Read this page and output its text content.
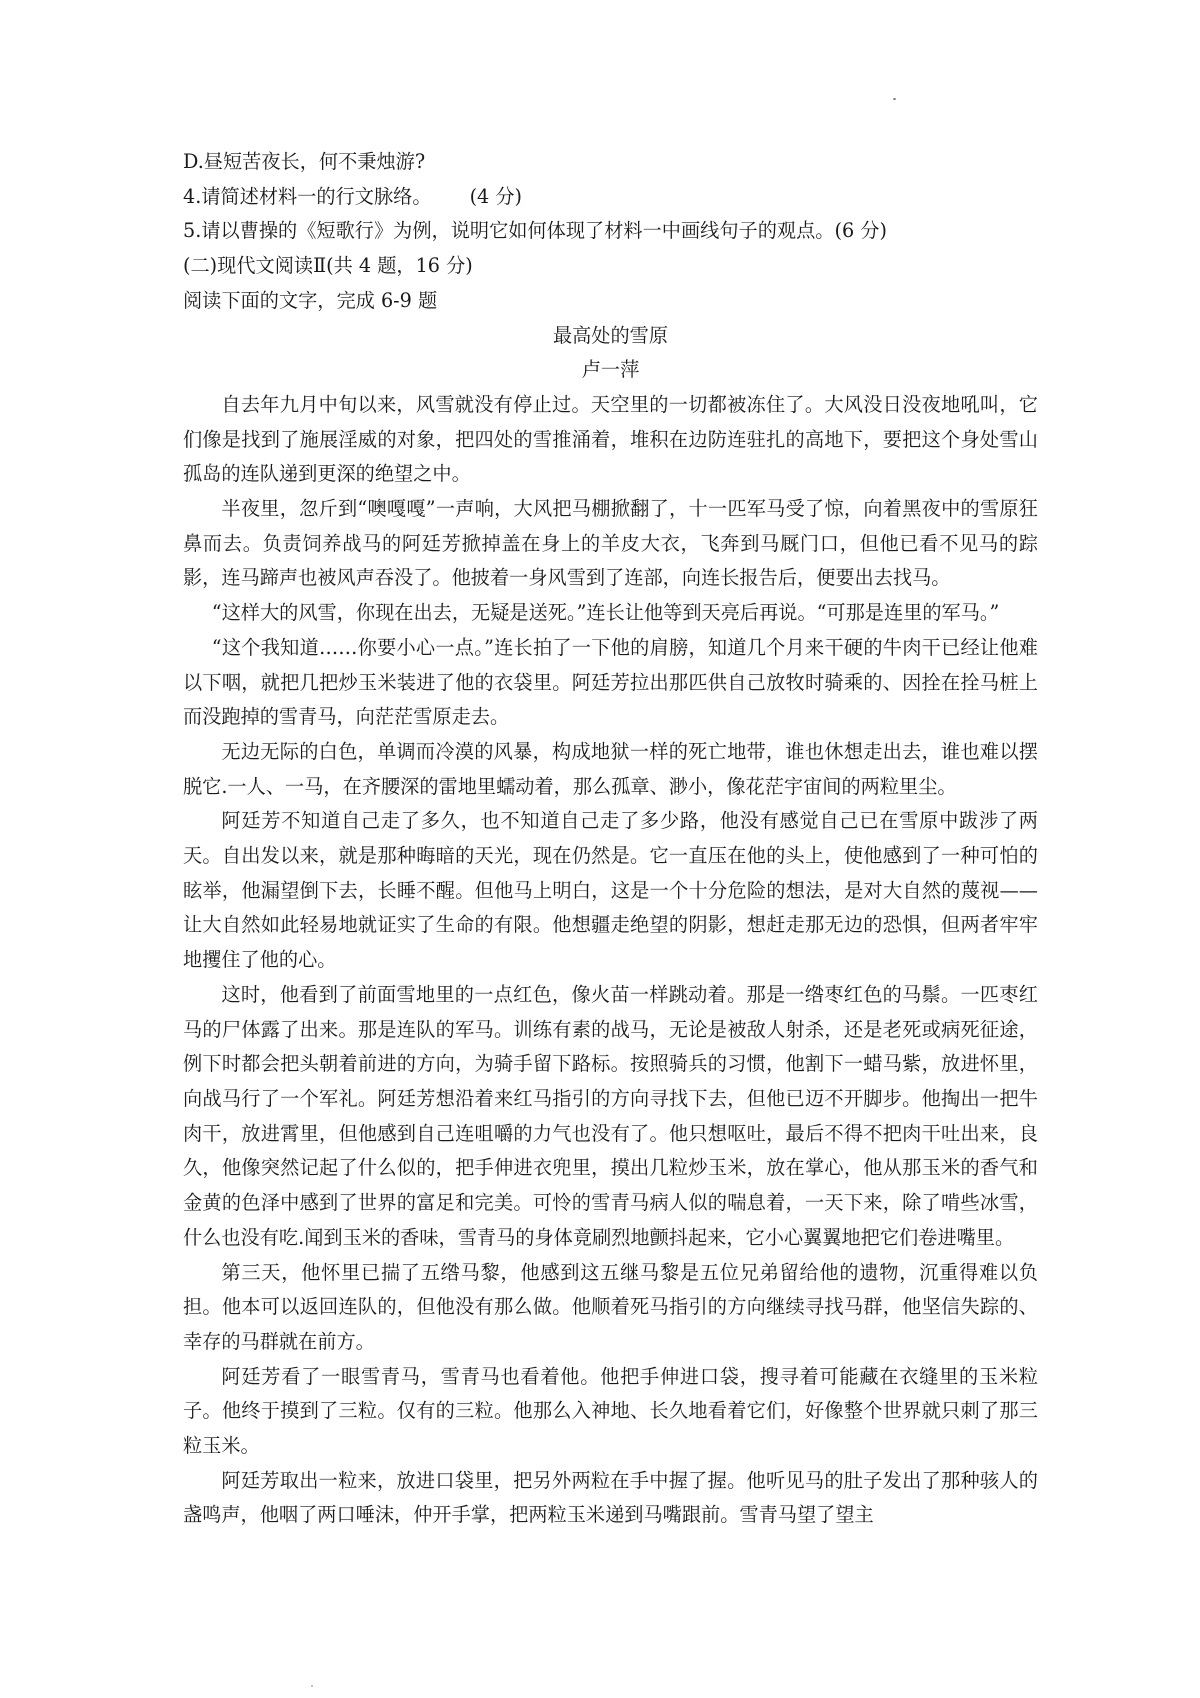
D.昼短苦夜长，何不秉烛游?

4.请简述材料一的行文脉络。 (4 分)

5.请以曹操的《短歌行》为例，说明它如何体现了材料一中画线句子的观点。(6 分)

(二)现代文阅读Ⅱ(共 4 题，16 分)

阅读下面的文字，完成 6-9 题

最高处的雪原

卢一萍

自去年九月中旬以来，风雪就没有停止过。天空里的一切都被冻住了。大风没日没夜地吼叫，它们像是找到了施展淫威的对象，把四处的雪推涌着，堆积在边防连驻扎的高地下，要把这个身处雪山孤岛的连队递到更深的绝望之中。

半夜里，忽斤到“噢嘎嘎”一声响，大风把马棚掀翻了，十一匹军马受了惊，向着黑夜中的雪原狂鼻而去。负责饲养战马的阿廷芳掀掉盖在身上的羊皮大衣，飞奔到马厩门口，但他已看不见马的踪影，连马蹄声也被风声吞没了。他披着一身风雪到了连部，向连长报告后，便要出去找马。

“这样大的风雪，你现在出去，无疑是送死。”连长让他等到天亮后再说。“可那是连里的军马。”

“这个我知道……你要小心一点。”连长拍了一下他的肩膀，知道几个月来干硬的牛肉干已经让他难以下咽，就把几把炒玉米装进了他的衣袋里。阿廷芳拉出那匹供自己放牧时骑乘的、因拴在拴马桩上而没跑掉的雪青马，向茫茫雪原走去。

无边无际的白色，单调而冷漠的风暴，构成地狱一样的死亡地带，谁也休想走出去，谁也难以摆脱它.一人、一马，在齐腰深的雷地里蠕动着，那么孤章、渺小，像花茫宇宙间的两粒里尘。

阿廷芳不知道自己走了多久，也不知道自己走了多少路，他没有感觉自己已在雪原中跋涉了两天。自出发以来，就是那种晦暗的天光，现在仍然是。它一直压在他的头上，使他感到了一种可怕的眩举，他漏望倒下去，长睡不醒。但他马上明白，这是一个十分危险的想法，是对大自然的蔑视——让大自然如此轻易地就证实了生命的有限。他想疆走绝望的阴影，想赶走那无边的恐惧，但两者牢牢地攫住了他的心。

这时，他看到了前面雪地里的一点红色，像火苗一样跳动着。那是一绺枣红色的马鬃。一匹枣红马的尸体露了出来。那是连队的军马。训练有素的战马，无论是被敌人射杀，还是老死或病死征途，例下时都会把头朝着前进的方向，为骑手留下路标。按照骑兵的习惯，他割下一蜡马紫，放进怀里，向战马行了一个军礼。阿廷芳想沿着来红马指引的方向寻找下去，但他已迈不开脚步。他掏出一把牛肉干，放进霄里，但他感到自己连咀嚼的力气也没有了。他只想呕吐，最后不得不把肉干吐出来，良久，他像突然记起了什么似的，把手伸进衣兜里，摸出几粒炒玉米，放在掌心，他从那玉米的香气和金黄的色泽中感到了世界的富足和完美。可怜的雪青马病人似的喘息着，一天下来，除了啃些冰雪，什么也没有吃.闻到玉米的香味，雪青马的身体竟刷烈地颤抖起来，它小心翼翼地把它们卷进嘴里。

第三天，他怀里已揣了五绺马黎，他感到这五继马黎是五位兄弟留给他的遗物，沉重得难以负担。他本可以返回连队的，但他没有那么做。他顺着死马指引的方向继续寻找马群，他坚信失踪的、幸存的马群就在前方。

阿廷芳看了一眼雪青马，雪青马也看着他。他把手伸进口袋，搜寻着可能藏在衣缝里的玉米粒子。他终于摸到了三粒。仅有的三粒。他那么入神地、长久地看着它们，好像整个世界就只刺了那三粒玉米。

阿廷芳取出一粒来，放进口袋里，把另外两粒在手中握了握。他听见马的肚子发出了那种骇人的盏鸣声，他咽了两口唾沫，仲开手掌，把两粒玉米递到马嘴跟前。雪青马望了望主
